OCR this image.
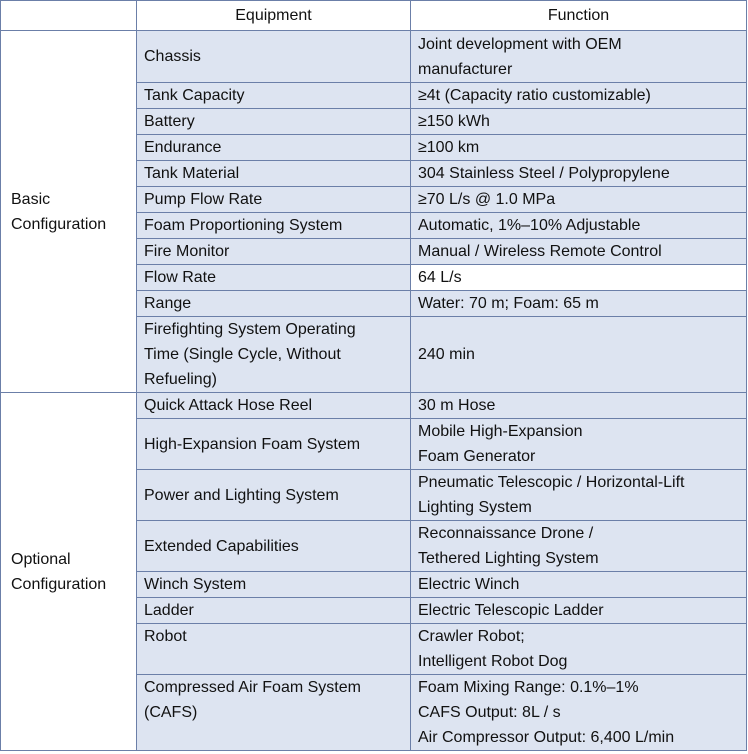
	Equipment	Function

Basic
Configuration	Chassis	Joint development with OEM
manufacturer

	Tank Capacity	≥4t (Capacity ratio customizable)

	Battery	≥150 kWh

	Endurance	≥100 km

	Tank Material	304 Stainless Steel / Polypropylene

	Pump Flow Rate	≥70 L/s @ 1.0 MPa

	Foam Proportioning System	Automatic, 1%–10% Adjustable

	Fire Monitor	Manual / Wireless Remote Control

	Flow Rate	64 L/s

	Range	Water: 70 m; Foam: 65 m

	Firefighting System Operating
Time (Single Cycle, Without
Refueling)	240 min

Optional
Configuration	Quick Attack Hose Reel	30 m Hose

	High-Expansion Foam System	Mobile High-Expansion
Foam Generator

	Power and Lighting System	Pneumatic Telescopic / Horizontal-Lift
Lighting System

	Extended Capabilities	Reconnaissance Drone /
Tethered Lighting System

	Winch System	Electric Winch

	Ladder	Electric Telescopic Ladder

	Robot	Crawler Robot;
Intelligent Robot Dog

	Compressed Air Foam System
(CAFS)	Foam Mixing Range: 0.1%–1%
CAFS Output: 8L / s
Air Compressor Output: 6,400 L/min
